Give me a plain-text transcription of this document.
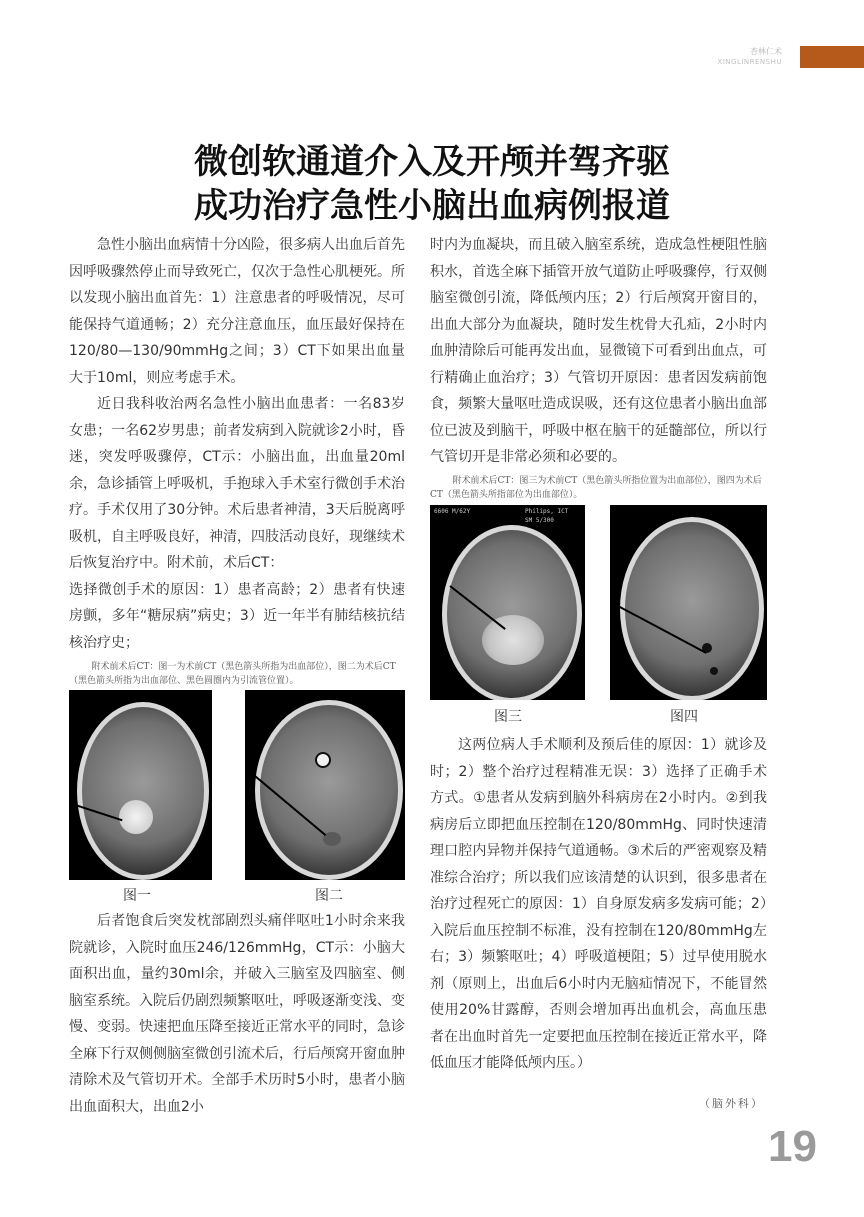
杏林仁术
XINGLINRENSHU
微创软通道介入及开颅并驾齐驱
成功治疗急性小脑出血病例报道

急性小脑出血病情十分凶险，很多病人出血后首先因呼吸骤然停止而导致死亡，仅次于急性心肌梗死。所以发现小脑出血首先：1）注意患者的呼吸情况，尽可能保持气道通畅；2）充分注意血压，血压最好保持在120/80—130/90mmHg之间；3）CT下如果出血量大于10ml，则应考虑手术。

近日我科收治两名急性小脑出血患者：一名83岁女患；一名62岁男患；前者发病到入院就诊2小时，昏迷，突发呼吸骤停，CT示：小脑出血，出血量20ml余，急诊插管上呼吸机，手抱球入手术室行微创手术治疗。手术仅用了30分钟。术后患者神清，3天后脱离呼吸机，自主呼吸良好，神清，四肢活动良好，现继续术后恢复治疗中。附术前，术后CT：

选择微创手术的原因：1）患者高龄；2）患者有快速房颤，多年“糖尿病”病史；3）近一年半有肺结核抗结核治疗史；

附术前术后CT：图一为术前CT（黑色箭头所指为出血部位），图二为术后CT（黑色箭头所指为出血部位、黑色圆圈内为引流管位置）。
图一	图二

后者饱食后突发枕部剧烈头痛伴呕吐1小时余来我院就诊，入院时血压246/126mmHg，CT示：小脑大面积出血，量约30ml余，并破入三脑室及四脑室、侧脑室系统。入院后仍剧烈频繁呕吐，呼吸逐渐变浅、变慢、变弱。快速把血压降至接近正常水平的同时，急诊全麻下行双侧侧脑室微创引流术后，行后颅窝开窗血肿清除术及气管切开术。全部手术历时5小时，患者小脑出血面积大，出血2小

时内为血凝块，而且破入脑室系统，造成急性梗阻性脑积水，首选全麻下插管开放气道防止呼吸骤停，行双侧脑室微创引流，降低颅内压；2）行后颅窝开窗目的，出血大部分为血凝块，随时发生枕骨大孔疝，2小时内血肿清除后可能再发出血，显微镜下可看到出血点，可行精确止血治疗；3）气管切开原因：患者因发病前饱食，频繁大量呕吐造成误吸，还有这位患者小脑出血部位已波及到脑干，呼吸中枢在脑干的延髓部位，所以行气管切开是非常必须和必要的。

附术前术后CT：图三为术前CT（黑色箭头所指位置为出血部位），图四为术后CT（黑色箭头所指部位为出血部位）。
6606 M/62Y	Philips, ICT
SM 5/300
图三	图四

这两位病人手术顺利及预后佳的原因：1）就诊及时；2）整个治疗过程精准无误：3）选择了正确手术方式。①患者从发病到脑外科病房在2小时内。②到我病房后立即把血压控制在120/80mmHg、同时快速清理口腔内异物并保持气道通畅。③术后的严密观察及精准综合治疗；所以我们应该清楚的认识到，很多患者在治疗过程死亡的原因：1）自身原发病多发病可能；2）入院后血压控制不标准，没有控制在120/80mmHg左右；3）频繁呕吐；4）呼吸道梗阻；5）过早使用脱水剂（原则上，出血后6小时内无脑疝情况下，不能冒然使用20%甘露醇，否则会增加再出血机会，高血压患者在出血时首先一定要把血压控制在接近正常水平，降低血压才能降低颅内压。）

（脑外科）
19
